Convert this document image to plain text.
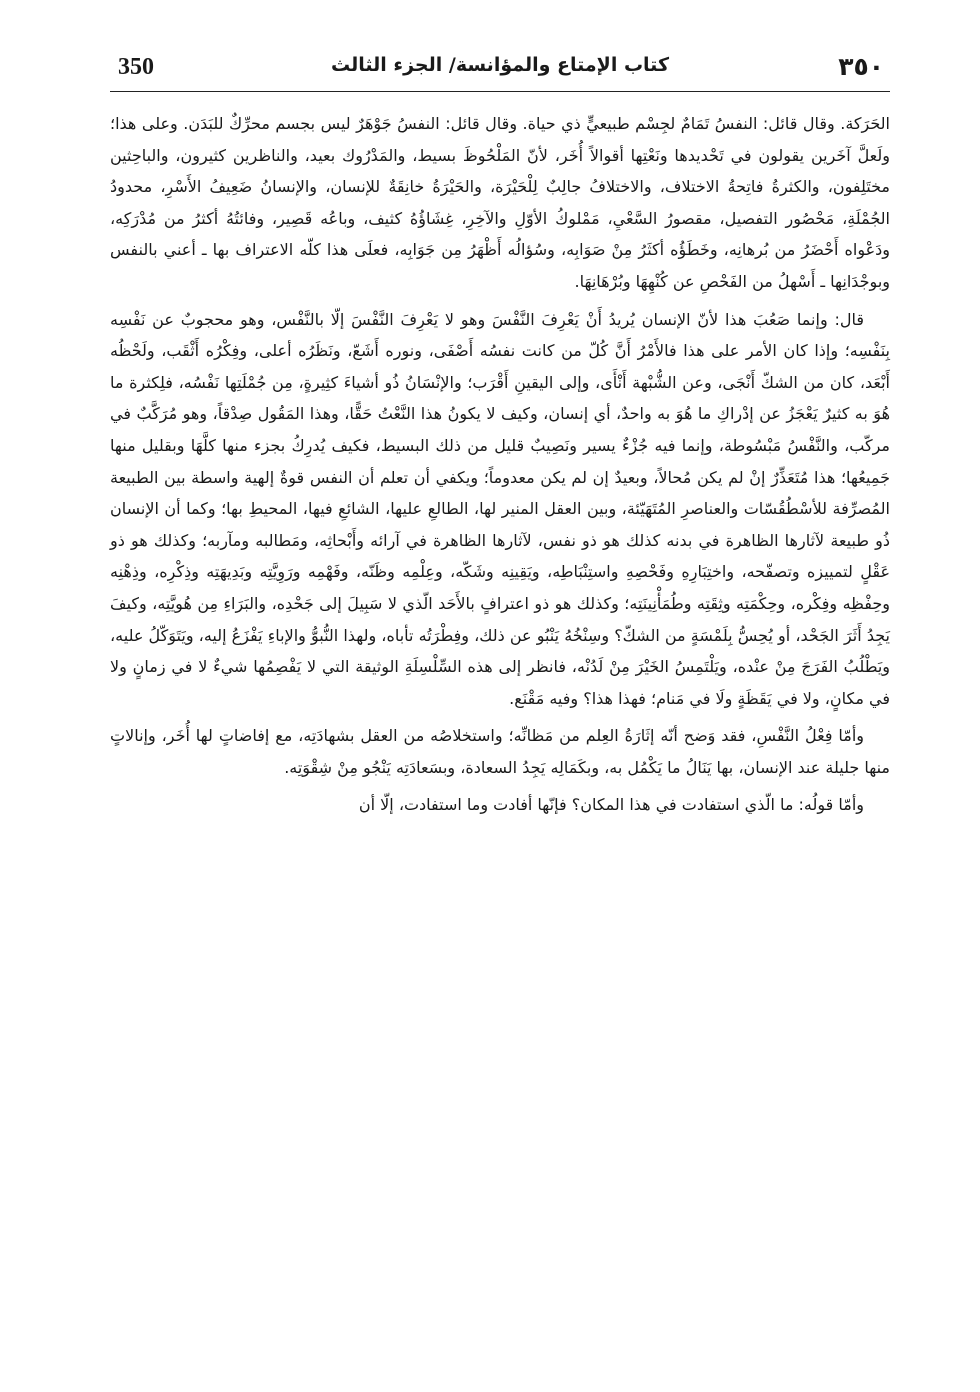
350	كتاب الإمتاع والمؤانسة/ الجزء الثالث	٣٥٠

الحَرَكة. وقال قائل: النفسُ تَمَامٌ لجِسْم طبيعيٍّ ذي حياة. وقال قائل: النفسُ جَوْهَرٌ ليس بجسم محرِّكٌ للبَدَن. وعلى هذا؛ ولَعلَّ آخَرين يقولون في تَحْديدها ونَعْتِها أقوالاً أُخَر، لأنّ المَلْحُوظَ بسيط، والمَدْرُوك بعيد، والناظرين كثيرون، والباحِثين مختَلِفون، والكثرةُ فاتِحةُ الاختلاف، والاختلافُ جالِبٌ لِلْحَيْرَة، والحَيْرَةُ خانِقَةٌ للإنسان، والإنسانُ ضَعِيفُ الأَسْرِ، محدودُ الجُمْلَةِ، مَحْصُور التفصيل، مقصورُ السَّعْيِ، مَمْلوكُ الأوّلِ والآخِرِ، غِشَاؤُهُ كثيف، وباعُه قَصِير، وفائتُهُ أكثرُ من مُدْرَكِه، ودَعْواه أَحْضَرُ من بُرهانِه، وخَطَؤُه أكثَرُ مِنْ صَوَابِه، وسُؤالُه أَظْهَرُ مِن جَوَابِه، فعلَى هذا كلّه الاعتراف بها ـ أعني بالنفس وبوجْدَانِها ـ أَسْهلُ من الفَحْصِ عن كُنْهِهَا وبُرْهَانِهَا.

قال: وإنما صَعُبَ هذا لأنّ الإنسان يُريدُ أَنْ يَعْرِفَ النَّفْسَ وهو لا يَعْرِفَ النَّفْسَ إلّا بالنَّفْس، وهو محجوبٌ عن نَفْسِه بِنَفْسِه؛ وإذا كان الأمر على هذا فالأَمْرُ أَنَّ كُلّ من كانت نفسُه أَصْفَى، ونوره أَشَعّ، ونَظَرُه أعلى، وفِكْرُه أَثْقَب، ولَحْظُه أَبْعَد، كان من الشكّ أَنْجَى، وعن الشُّبْهة أَنْأَى، وإلى اليقينِ أَقْرَب؛ والإنْسَانُ ذُو أشياءَ كثِيرةٍ، مِن جُمْلَتِها نَفْسُه، فلِكثرة ما هُوَ به كثيرٌ يَعْجَزُ عن إدْراكِ ما هُوَ به واحدٌ، أي إنسان، وكيف لا يكونُ هذا النَّعْتُ حَقًّا، وهذا المَقُول صِدْقاً، وهو مُرَكَّبٌ في مركّب، والنَّفْسُ مَبْسُوطة، وإنما فيه جُزْءٌ يسير ونَصِيبٌ قليل من ذلك البسيط، فكيف يُدرِكُ بجزء منها كلَّهَا وبقليل منها جَمِيعُها؛ هذا مُتَعَذِّرٌ إنْ لم يكن مُحالاً، وبعيدٌ إن لم يكن معدوماً؛ ويكفي أن تعلم أن النفس قوةٌ إلهية واسطة بين الطبيعة المُصرِّفة للأسْطُقُسّات والعناصرِ المُتَهَيّئة، وبين العقل المنير لها، الطالعِ عليها، الشائعِ فيها، المحيطِ بها؛ وكما أن الإنسان ذُو طبيعة لآثارها الظاهرة في بدنه كذلك هو ذو نفس، لآثارها الظاهرة في آرائه وأَبْحاثِه، ومَطالبه ومآربه؛ وكذلك هو ذو عَقْلٍ لتمييزه وتصفّحه، واختِبَارِهِ وفَحْصِهِ واستِنْبَاطِه، ويَقِينِه وشَكّه، وعِلْمِه وظَنّه، وفَهْمِه ورَوِيَّتِه وبَدِيهَتِه وذِكْرِه، وذِهْنِه وحِفْظِه وفِكْره، وحِكْمَتِه وثِقَتِه وطُمَأْنِينَتِه؛ وكذلك هو ذو اعترافٍ بالأَحَد الّذي لا سَبِيلَ إلى جَحْدِه، والبَرَاءِ مِن هُويَّتِه، وكيفَ يَجِدُ أَثَرَ الجَحْد، أو يُحِسُّ بِلَمْسَةٍ من الشكّ؟ وسِنْخُهُ يَنْبُو عن ذلك، وفِطْرَتُه تأباه، ولهذا النُّبوُّ والإباءِ يَفْزَعُ إليه، ويَتَوَكّلُ عليه، ويَطْلُبُ الفَرَجَ مِنْ عنْده، ويَلْتَمِسُ الخَيْرَ مِنْ لَدُنْه، فانظر إلى هذه السِّلْسِلَةِ الوثيقة التي لا يَفْصِمُها شيءٌ لا في زمانٍ ولا في مكانٍ، ولا في يَقَظَةٍ ولَا في مَنام؛ فهذا هذا؟ وفيه مَقْنَع.

وأمّا فِعْلُ النَّفْسِ، فقد وَضح أنّه إثَارَةُ العِلم من مَظانِّه؛ واستخلاصُه من العقل بشهادَتِه، مع إفاضاتٍ لها أُخَر، وإنالاتٍ منها جليلة عند الإنسان، بها يَنَالُ ما يَكْمُل به، وبكَمَالِه يَجِدُ السعادة، وبسَعادَتِه يَنْجُو مِنْ شِقْوَتِه.

وأمّا قولُه: ما الّذي استفادت في هذا المكان؟ فإنّها أفادت وما استفادت، إلّا أن
